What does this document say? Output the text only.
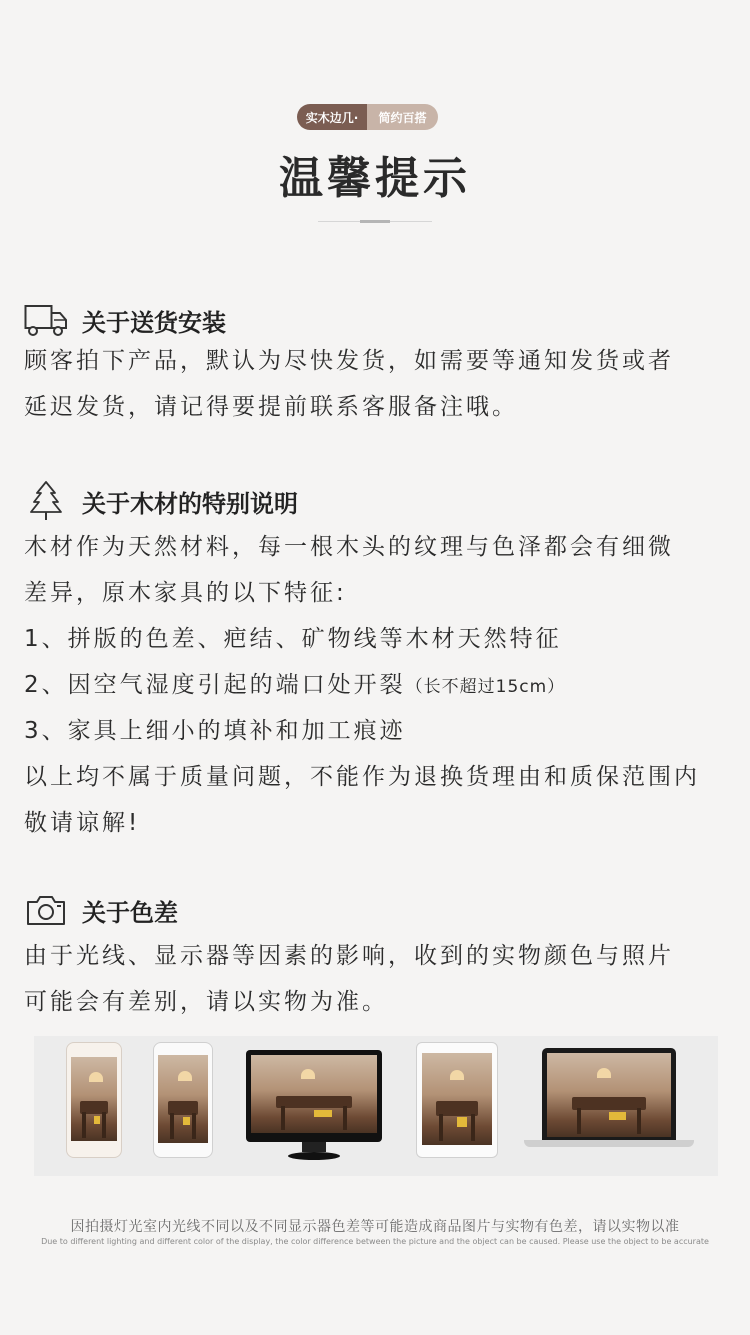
实木边几·	简约百搭
温馨提示
关于送货安装
顾客拍下产品，默认为尽快发货，如需要等通知发货或者
延迟发货，请记得要提前联系客服备注哦。
关于木材的特别说明
木材作为天然材料，每一根木头的纹理与色泽都会有细微
差异，原木家具的以下特征:
1、拼版的色差、疤结、矿物线等木材天然特征
2、因空气湿度引起的端口处开裂（长不超过15cm）
3、家具上细小的填补和加工痕迹
以上均不属于质量问题，不能作为退换货理由和质保范围内
敬请谅解!
关于色差
由于光线、显示器等因素的影响，收到的实物颜色与照片
可能会有差别，请以实物为准。
因拍摄灯光室内光线不同以及不同显示器色差等可能造成商品图片与实物有色差，请以实物以准
Due to different lighting and different color of the display, the color difference between the picture and the object can be caused. Please use the object to be accurate
